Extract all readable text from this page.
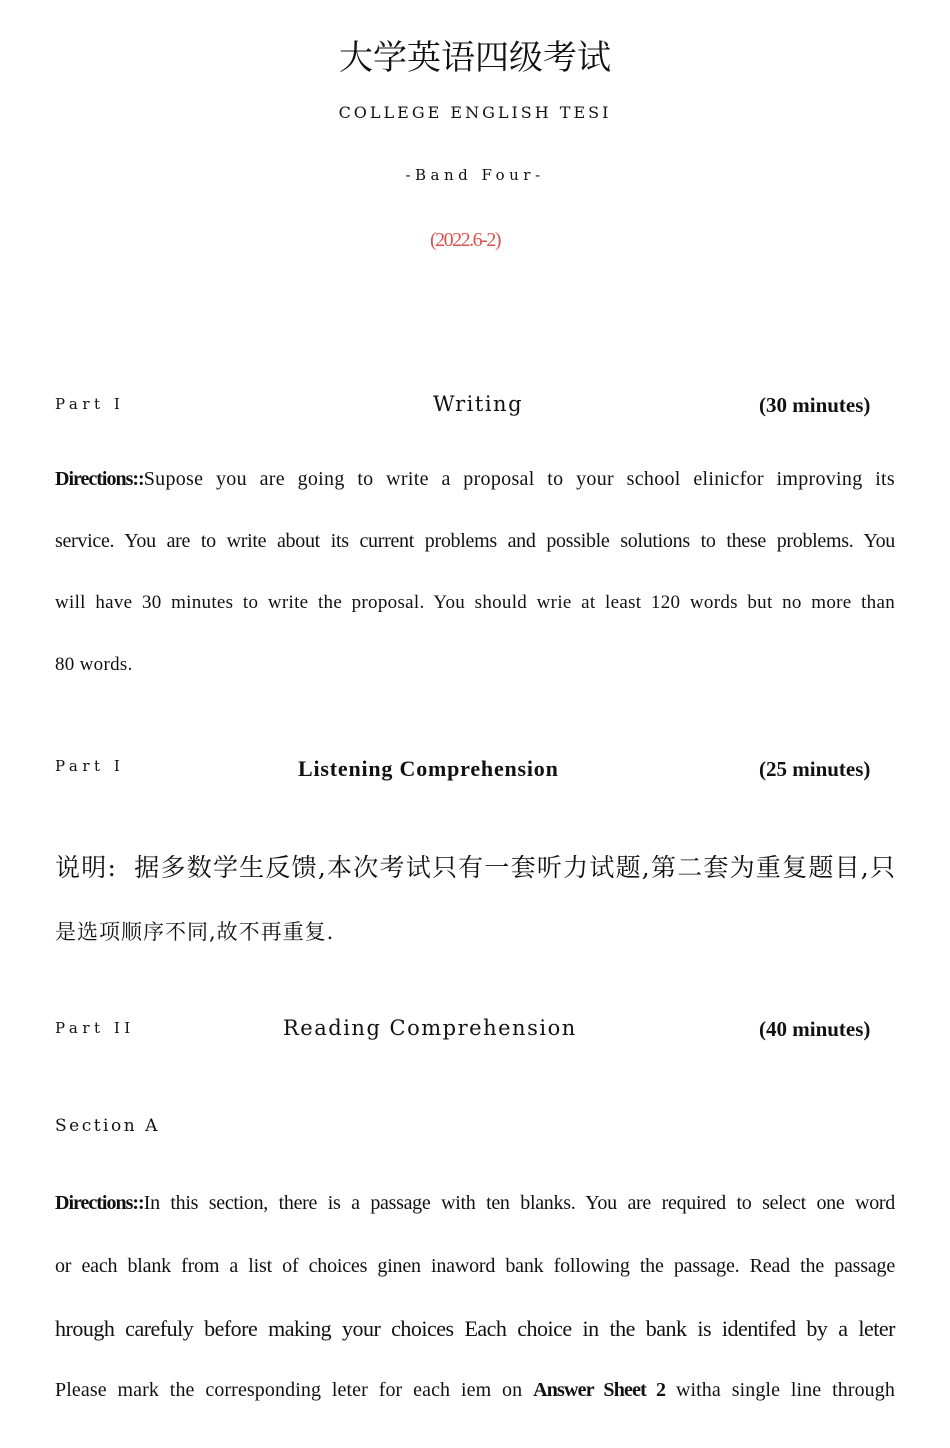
大学英语四级考试
COLLEGE ENGLISH TESI
-Band Four-
(2022.6-2)
Part I	Writing	(30 minutes)
Directions::Supose you are going to write a proposal to your school elinicfor improving its
service. You are to write about its current problems and possible solutions to these problems. You
will have 30 minutes to write the proposal. You should wrie at least 120 words but no more than
80 words.
Part I	Listening Comprehension	(25 minutes)
说明: 据多数学生反馈,本次考试只有一套听力试题,第二套为重复题目,只
是选项顺序不同,故不再重复.
Part II	Reading Comprehension	(40 minutes)
Section A
Directions::In this section, there is a passage with ten blanks. You are required to select one word
or each blank from a list of choices ginen inaword bank following the passage. Read the passage
hrough carefuly before making your choices Each choice in the bank is identifed by a leter
Please mark the corresponding leter for each iem on Answer Sheet 2 witha single line through
